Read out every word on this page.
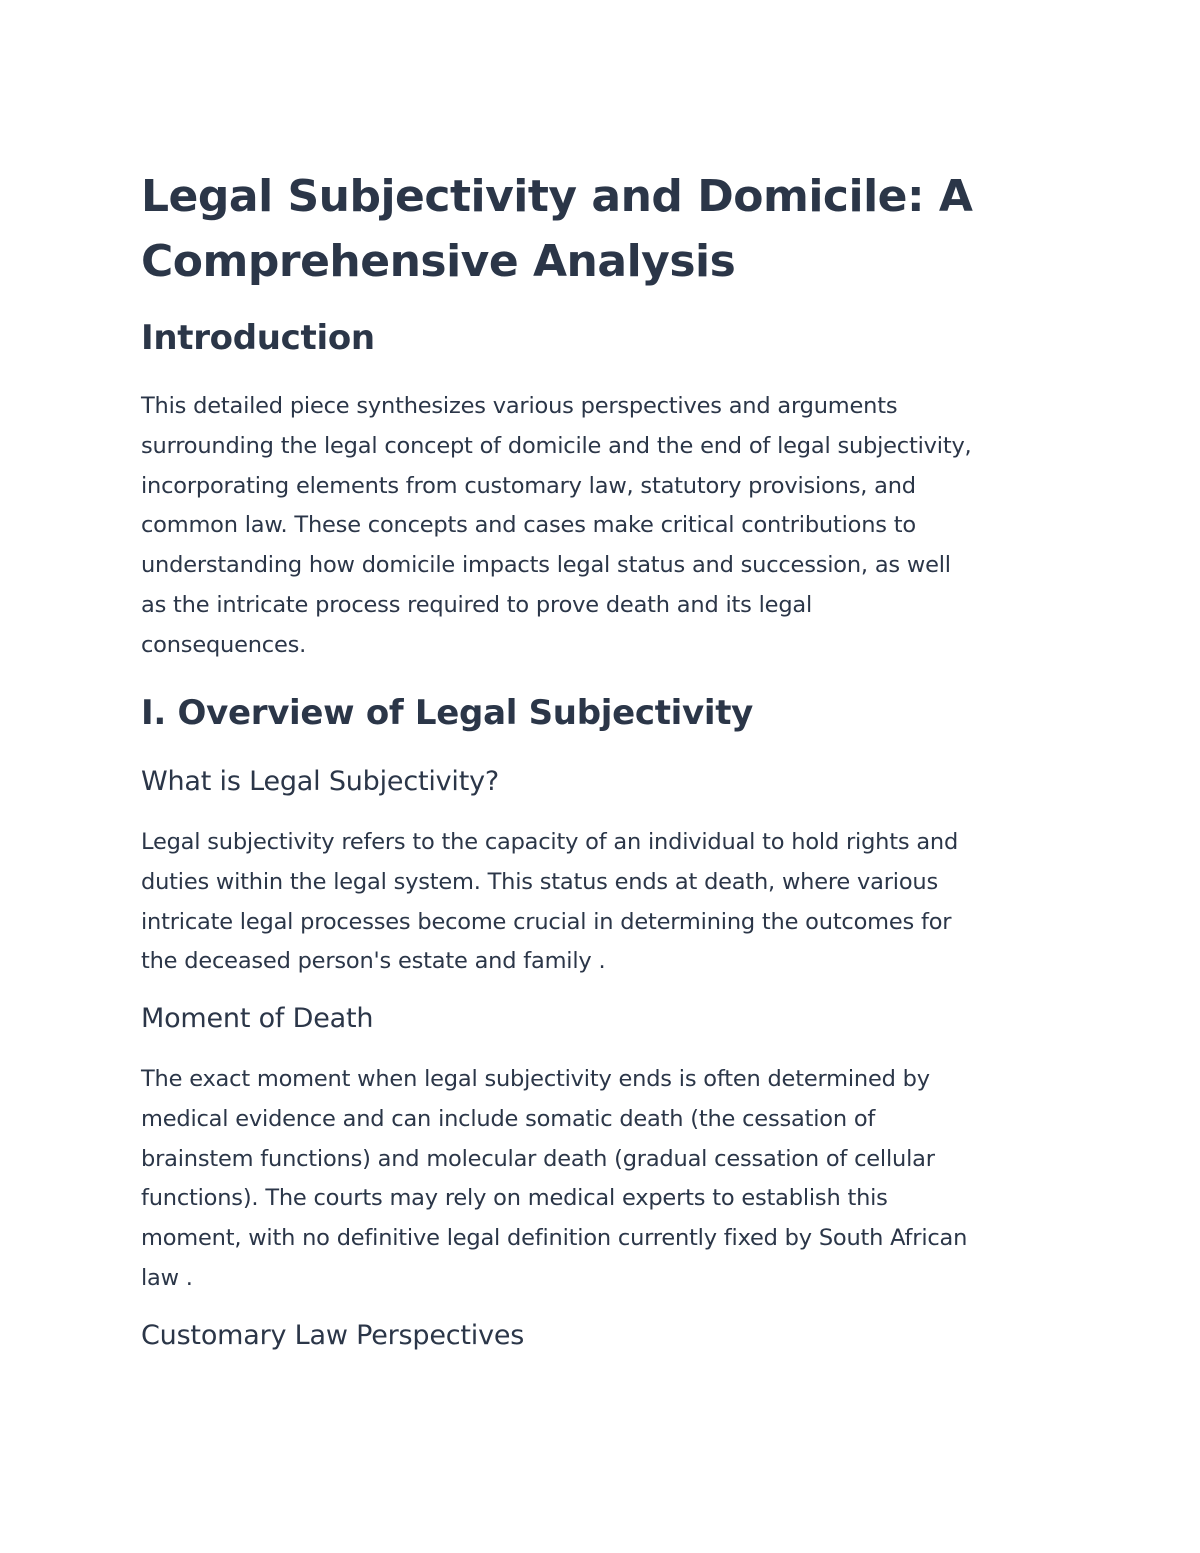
Legal Subjectivity and Domicile: A
Comprehensive Analysis
Introduction

This detailed piece synthesizes various perspectives and arguments
surrounding the legal concept of domicile and the end of legal subjectivity,
incorporating elements from customary law, statutory provisions, and
common law. These concepts and cases make critical contributions to
understanding how domicile impacts legal status and succession, as well
as the intricate process required to prove death and its legal
consequences.

I. Overview of Legal Subjectivity
What is Legal Subjectivity?

Legal subjectivity refers to the capacity of an individual to hold rights and
duties within the legal system. This status ends at death, where various
intricate legal processes become crucial in determining the outcomes for
the deceased person's estate and family .

Moment of Death

The exact moment when legal subjectivity ends is often determined by
medical evidence and can include somatic death (the cessation of
brainstem functions) and molecular death (gradual cessation of cellular
functions). The courts may rely on medical experts to establish this
moment, with no definitive legal definition currently fixed by South African
law .

Customary Law Perspectives
